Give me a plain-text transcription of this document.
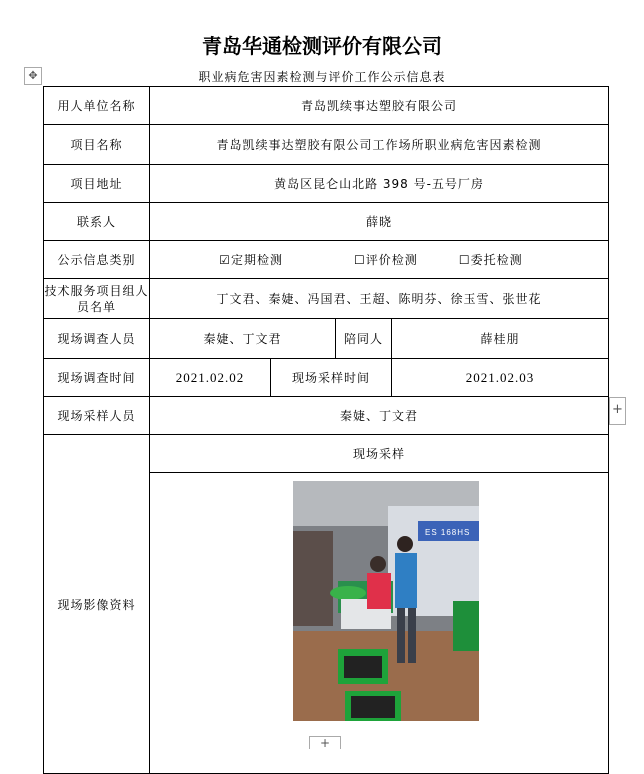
青岛华通检测评价有限公司
✥	职业病危害因素检测与评价工作公示信息表
用人单位名称	青岛凯续事达塑胶有限公司			
项目名称	青岛凯续事达塑胶有限公司工作场所职业病危害因素检测			
项目地址	黄岛区昆仑山北路 398 号-五号厂房			
联系人	薛晓			
公示信息类别	☑定期检测 ☐评价检测 ☐委托检测			
技术服务项目组人员名单	丁文君、秦婕、冯国君、王超、陈明芬、徐玉雪、张世花			
现场调查人员	秦婕、丁文君		陪同人	薛桂朋
现场调查时间	2021.02.02	现场采样时间		2021.02.03
现场采样人员	秦婕、丁文君			
现场影像资料	现场采样			

ES 168HS			
+
+
